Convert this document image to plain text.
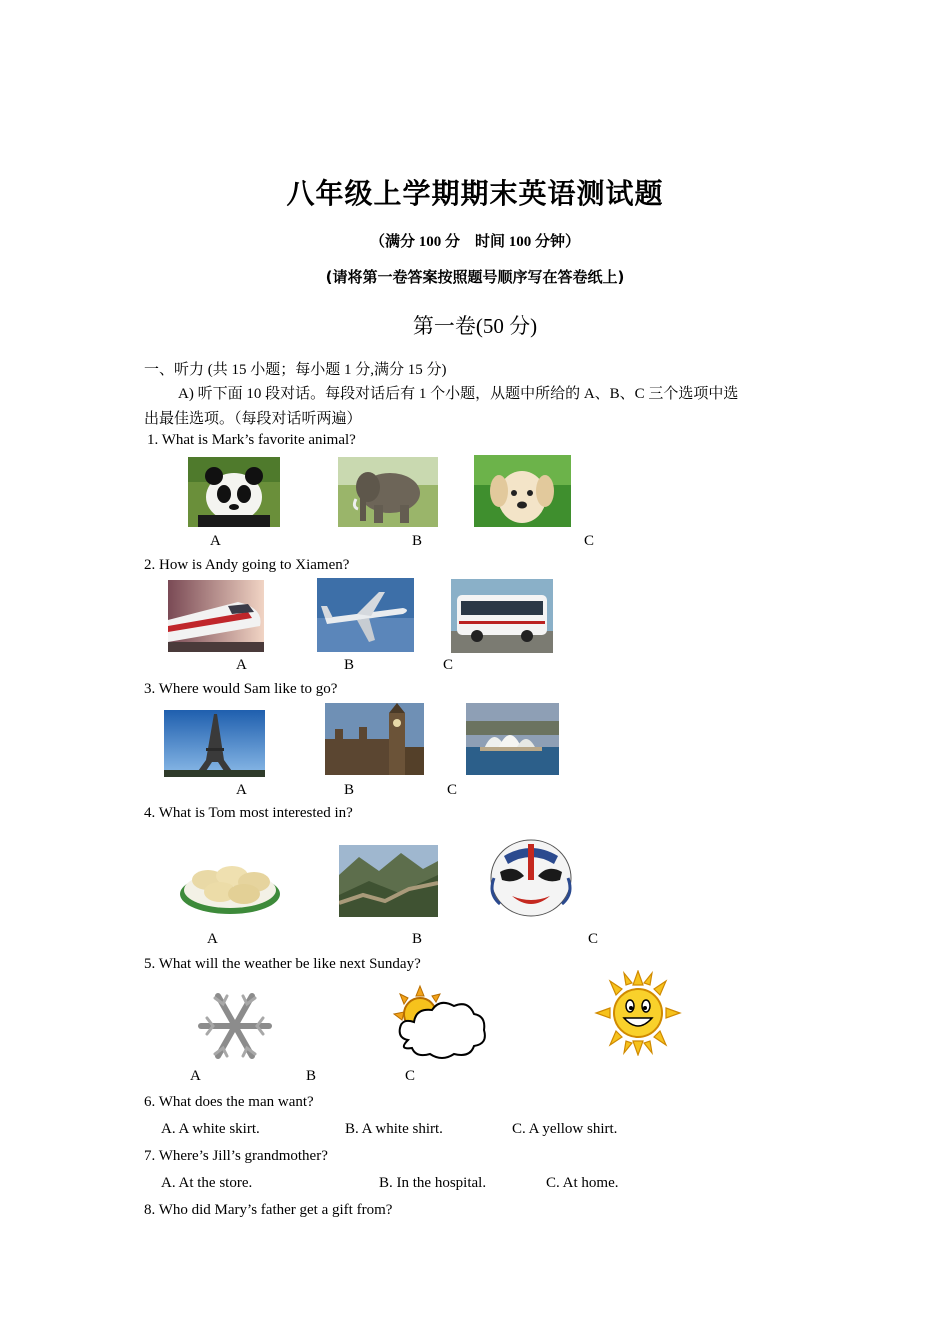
八年级上学期期末英语测试题
（满分 100 分　时间 100 分钟）
(请将第一卷答案按照题号顺序写在答卷纸上)
第一卷(50 分)
一、听力 (共 15 小题；每小题 1 分,满分 15 分)
A) 听下面 10 段对话。每段对话后有 1 个小题，从题中所给的 A、B、C 三个选项中选
出最佳选项。（每段对话听两遍）
1. What is Mark’s favorite animal?
A	B	C
2. How is Andy going to Xiamen?
A	B	C
3. Where would Sam like to go?
A	B	C
4. What is Tom most interested in?
A	B	C
5. What will the weather be like next Sunday?
A	B	C
6. What does the man want?
A. A white skirt.	B. A white shirt.	C. A yellow shirt.
7. Where’s Jill’s grandmother?
A. At the store.	B. In the hospital.	C. At home.
8. Who did Mary’s father get a gift from?
